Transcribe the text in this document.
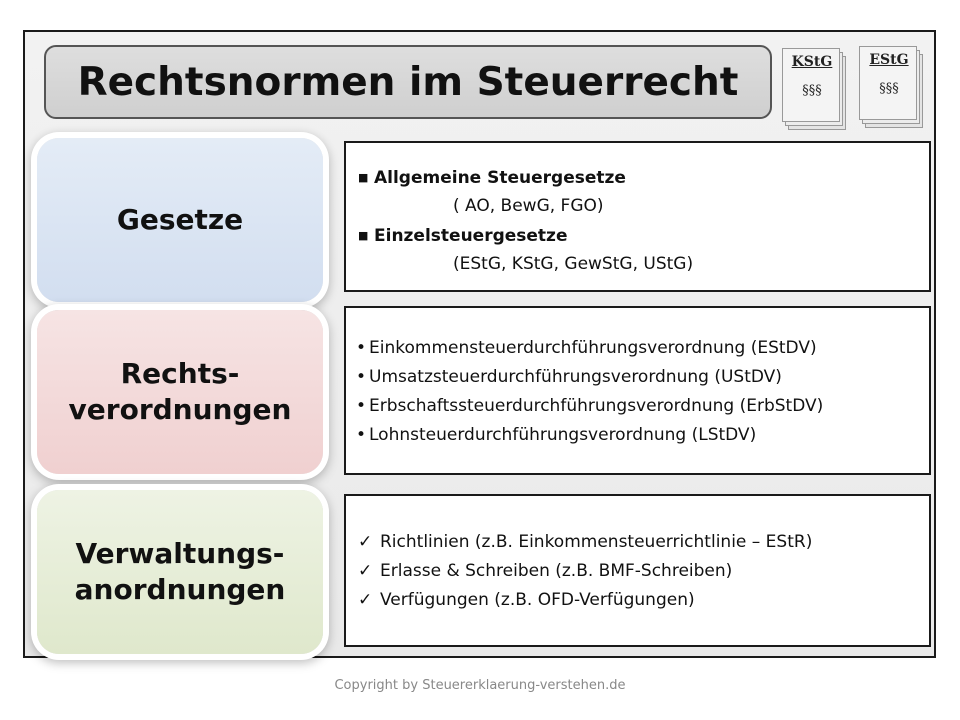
Rechtsnormen im Steuerrecht	KStG
§§§
EStG
§§§
Gesetze
Rechts-
verordnungen
Verwaltungs-
anordnungen
■ Allgemeine Steuergesetze
( AO, BewG, FGO)
■ Einzelsteuergesetze
(EStG, KStG, GewStG, UStG)
• Einkommensteuerdurchführungsverordnung (EStDV)
• Umsatzsteuerdurchführungsverordnung (UStDV)
• Erbschaftssteuerdurchführungsverordnung (ErbStDV)
• Lohnsteuerdurchführungsverordnung (LStDV)
✓ Richtlinien (z.B. Einkommensteuerrichtlinie – EStR)
✓ Erlasse & Schreiben (z.B. BMF-Schreiben)
✓ Verfügungen (z.B. OFD-Verfügungen)
Copyright by Steuererklaerung-verstehen.de
